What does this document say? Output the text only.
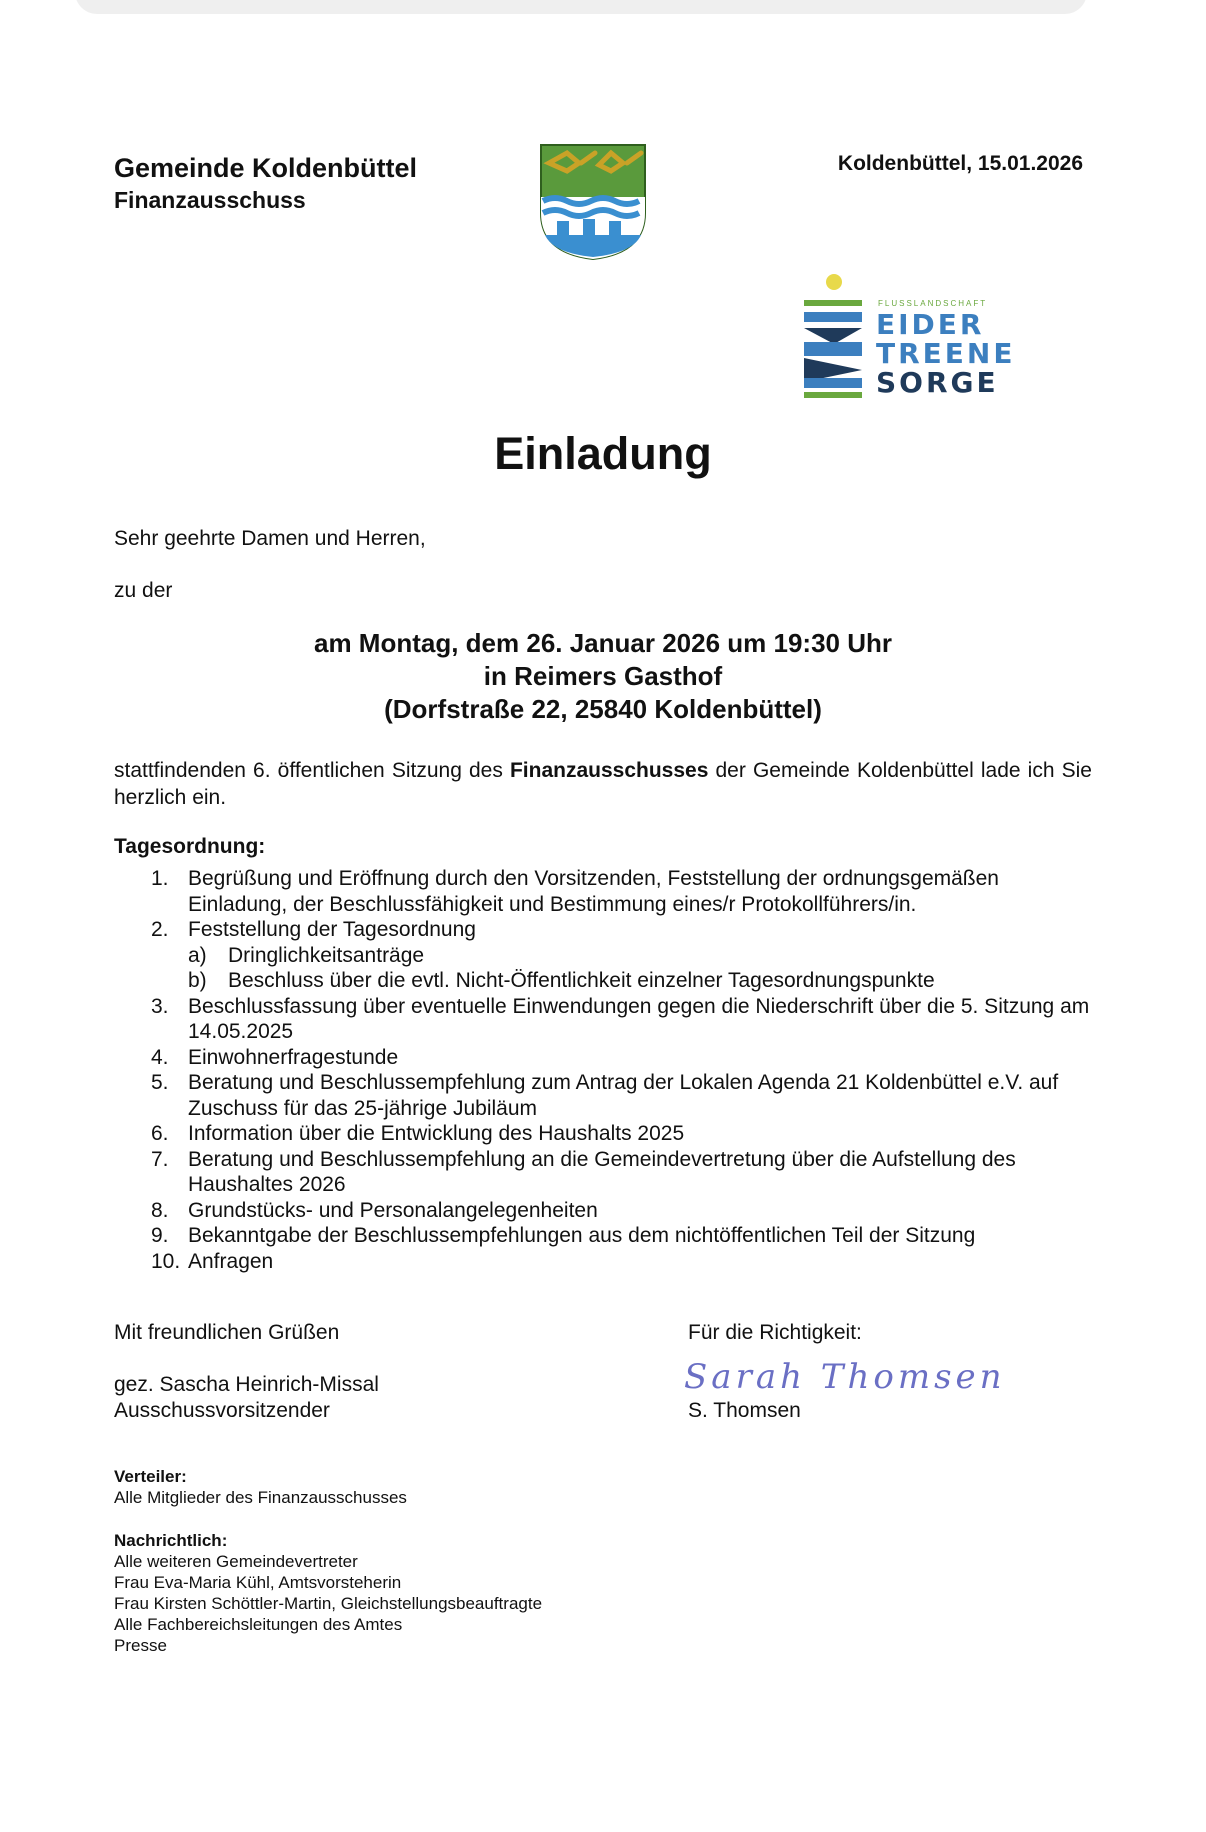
Gemeinde Koldenbüttel
Finanzausschuss
Koldenbüttel, 15.01.2026
FLUSSLANDSCHAFT
EIDER
TREENE
SORGE
Einladung
Sehr geehrte Damen und Herren,
zu der
am Montag, dem 26. Januar 2026 um 19:30 Uhr
in Reimers Gasthof
(Dorfstraße 22, 25840 Koldenbüttel)
stattfindenden 6. öffentlichen Sitzung des Finanzausschusses der Gemeinde Koldenbüttel lade ich Sie herzlich ein.
Tagesordnung:
1. Begrüßung und Eröffnung durch den Vorsitzenden, Feststellung der ordnungsgemäßen Einladung, der Beschlussfähigkeit und Bestimmung eines/r Protokollführers/in.
2. Feststellung der Tagesordnung
a) Dringlichkeitsanträge
b) Beschluss über die evtl. Nicht-Öffentlichkeit einzelner Tagesordnungspunkte
3. Beschlussfassung über eventuelle Einwendungen gegen die Niederschrift über die 5. Sitzung am 14.05.2025
4. Einwohnerfragestunde
5. Beratung und Beschlussempfehlung zum Antrag der Lokalen Agenda 21 Koldenbüttel e.V. auf Zuschuss für das 25-jährige Jubiläum
6. Information über die Entwicklung des Haushalts 2025
7. Beratung und Beschlussempfehlung an die Gemeindevertretung über die Aufstellung des Haushaltes 2026
8. Grundstücks- und Personalangelegenheiten
9. Bekanntgabe der Beschlussempfehlungen aus dem nichtöffentlichen Teil der Sitzung
10. Anfragen
Mit freundlichen Grüßen
gez. Sascha Heinrich-Missal
Ausschussvorsitzender
Für die Richtigkeit:
Sarah Thomsen
S. Thomsen
Verteiler:
Alle Mitglieder des Finanzausschusses
Nachrichtlich:
Alle weiteren Gemeindevertreter
Frau Eva-Maria Kühl, Amtsvorsteherin
Frau Kirsten Schöttler-Martin, Gleichstellungsbeauftragte
Alle Fachbereichsleitungen des Amtes
Presse
